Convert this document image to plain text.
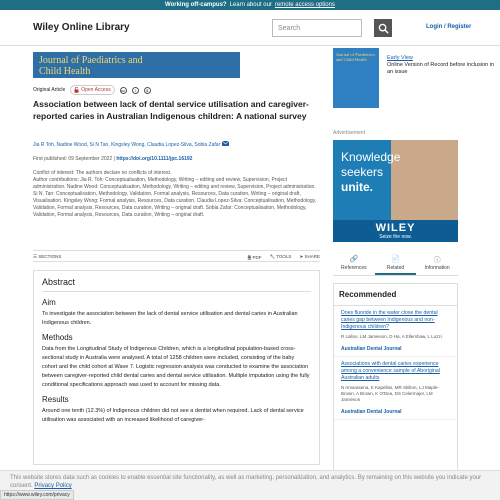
Working off-campus? Learn about our remote access options
Wiley Online Library	Search	Login / Register
Journal of Paediatrics and
Child Health
Original Article	Open Access	cc	i	$
Association between lack of dental service utilisation and caregiver-reported caries in Australian Indigenous children: A national survey
Jia R Toh, Nadine Wood, Si N Tan, Kingsley Wong, Claudia Lopez-Silva, Sobia Zafar
First published: 09 September 2022 | https://doi.org/10.1111/jpc.16192
Conflict of interest: The authors declare no conflicts of interest.
Author contributions: Jia R. Toh: Conceptualisation, Methodology, Writing – editing and review, Supervision, Project administration. Nadine Wood: Conceptualisation, Methodology, Writing – editing and review, Supervision, Project administration. Si N. Tan: Conceptualisation, Methodology, Validation, Formal analysis, Resources, Data curation, Writing – original draft, Visualisation. Kingsley Wong: Formal analysis, Resources, Data curation. Claudia Lopez-Silva: Conceptualisation, Methodology, Validation, Formal analysis, Resources, Data curation, Writing – original draft. Sobia Zafar: Conceptualisation, Methodology, Validation, Formal analysis, Resources, Data curation, Writing – original draft.
☰ SECTIONS	🗎 PDF 🔧 TOOLS ➤ SHARE
Abstract
Aim

To investigate the association between the lack of dental service utilisation and dental caries in Australian Indigenous children.

Methods

Data from the Longitudinal Study of Indigenous Children, which is a longitudinal population-based cross-sectional study in Australia were analysed. A total of 1258 children were included, consisting of the baby cohort and the child cohort at Wave 7. Logistic regression analysis was conducted to examine the association between caregiver-reported child dental caries and dental service utilisation. Multiple imputation using the fully conditional specifications approach was used to account for missing data.

Results

Around one tenth (12.3%) of Indigenous children did not see a dentist when required. Lack of dental service utilisation was associated with an increased likelihood of caregiver-

Journal of Paediatrics and Child Health	Early View
Online Version of Record before inclusion in an issue
Advertisement
Knowledge
seekers
unite.
WILEY
Seize the now.
🔗
References
📄
Related
ⓘ
Information
Recommended
Does fluoride in the water close the dental caries gap between Indigenous and non-Indigenous children?
R Lalloo, LM Jamieson, D Ha, A Ellershaw, L Luzzi
Australian Dental Journal
Associations with dental caries experience among a convenience sample of Aboriginal Australian adults
N Amarasena, K Kapellas, MR Skilton, LJ Maple-Brown, A Brown, K O'Dea, DS Celermajer, LM Jamieson
Australian Dental Journal
This website stores data such as cookies to enable essential site functionality, as well as marketing, personalization, and analytics. By remaining on this website you indicate your consent. Privacy Policy
https://www.wiley.com/privacy
